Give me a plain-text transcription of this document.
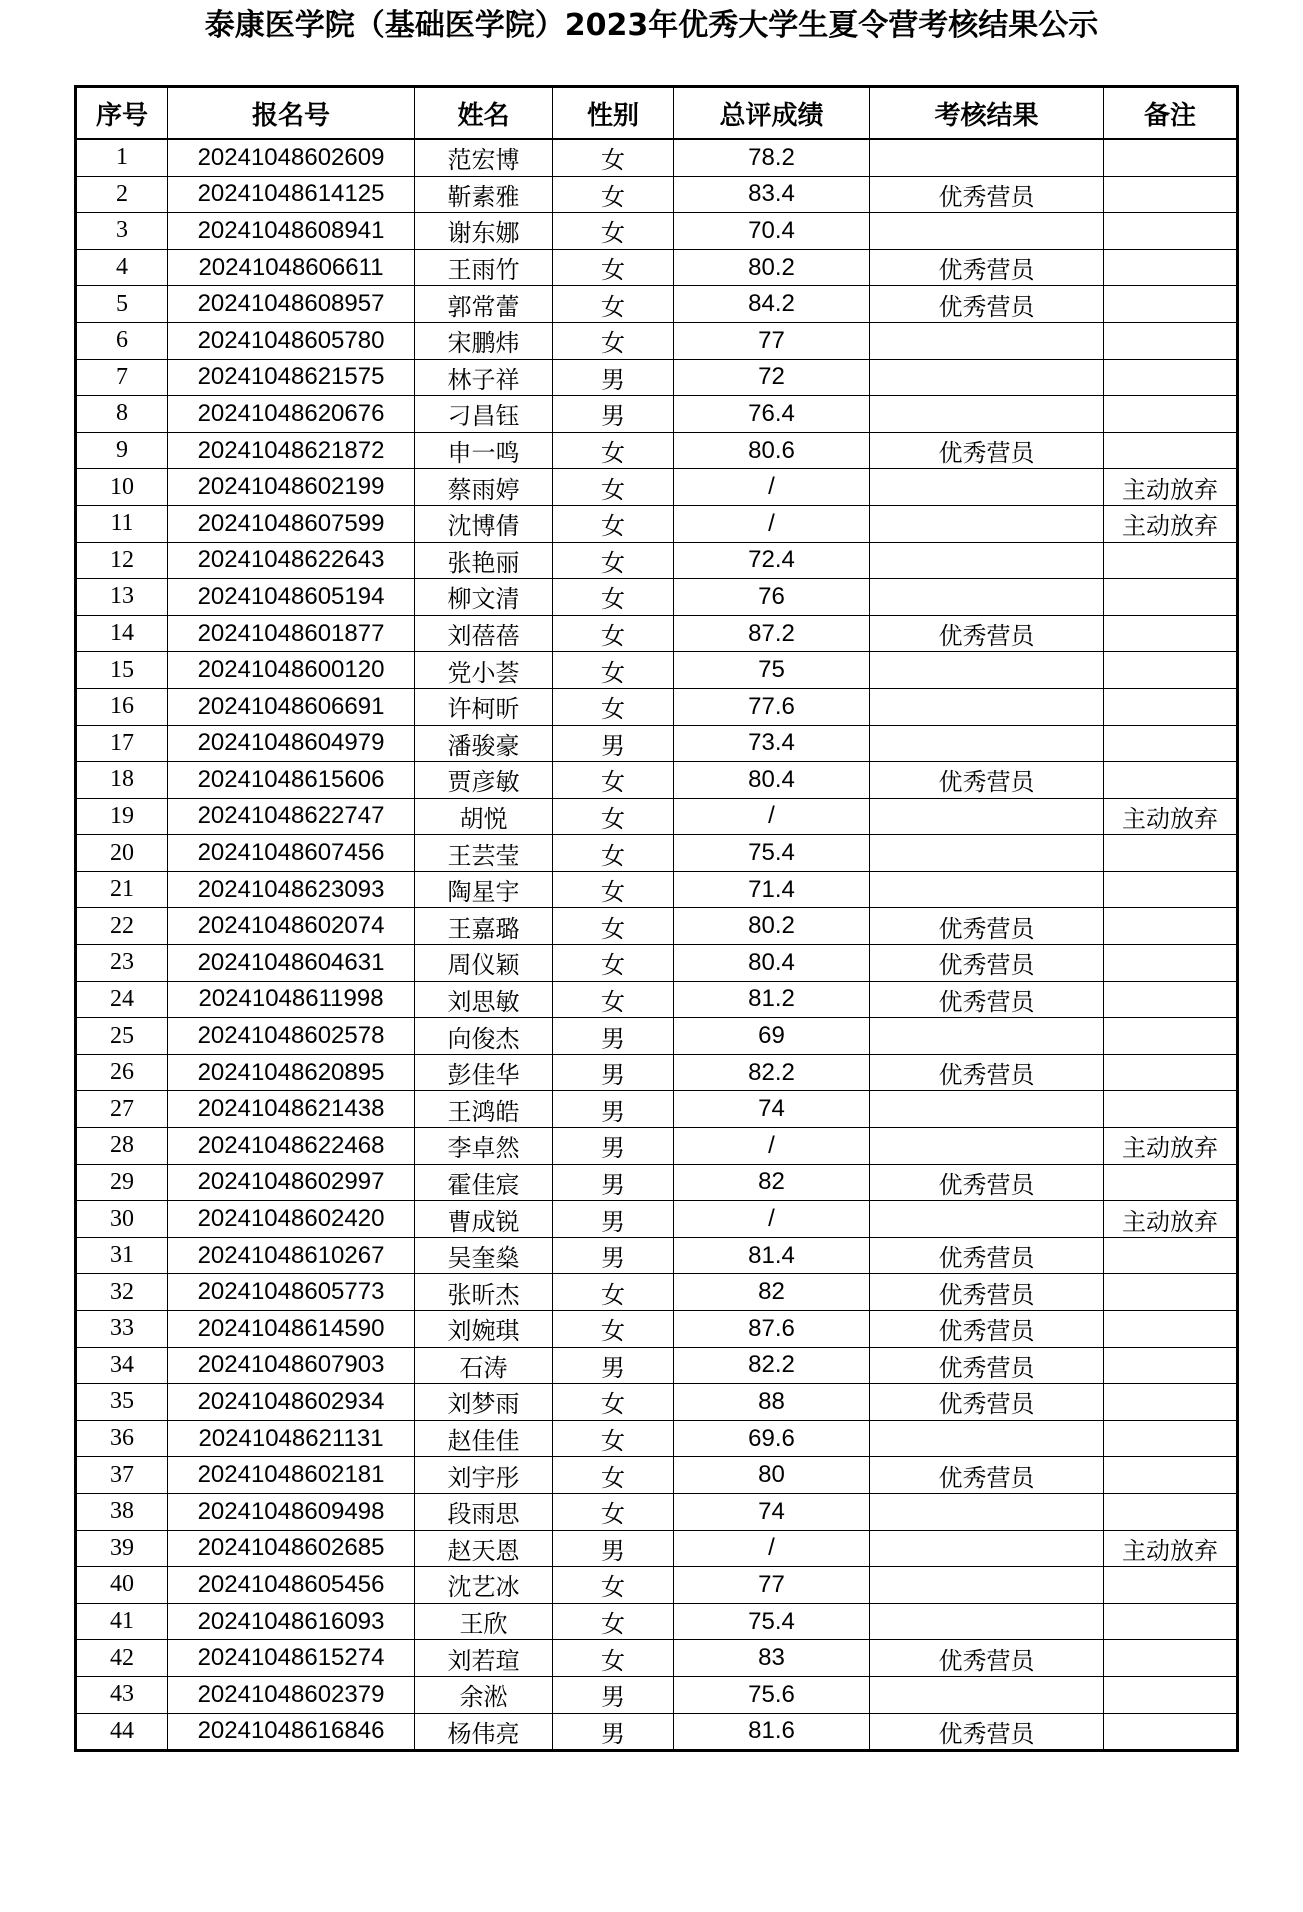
泰康医学院（基础医学院）2023年优秀大学生夏令营考核结果公示
序号	报名号	姓名	性别	总评成绩	考核结果	备注
1	20241048602609	范宏博	女	78.2		
2	20241048614125	靳素雅	女	83.4	优秀营员	
3	20241048608941	谢东娜	女	70.4		
4	20241048606611	王雨竹	女	80.2	优秀营员	
5	20241048608957	郭常蕾	女	84.2	优秀营员	
6	20241048605780	宋鹏炜	女	77		
7	20241048621575	林子祥	男	72		
8	20241048620676	刁昌钰	男	76.4		
9	20241048621872	申一鸣	女	80.6	优秀营员	
10	20241048602199	蔡雨婷	女	/		主动放弃
11	20241048607599	沈博倩	女	/		主动放弃
12	20241048622643	张艳丽	女	72.4		
13	20241048605194	柳文清	女	76		
14	20241048601877	刘蓓蓓	女	87.2	优秀营员	
15	20241048600120	党小荟	女	75		
16	20241048606691	许柯昕	女	77.6		
17	20241048604979	潘骏豪	男	73.4		
18	20241048615606	贾彦敏	女	80.4	优秀营员	
19	20241048622747	胡悦	女	/		主动放弃
20	20241048607456	王芸莹	女	75.4		
21	20241048623093	陶星宇	女	71.4		
22	20241048602074	王嘉璐	女	80.2	优秀营员	
23	20241048604631	周仪颖	女	80.4	优秀营员	
24	20241048611998	刘思敏	女	81.2	优秀营员	
25	20241048602578	向俊杰	男	69		
26	20241048620895	彭佳华	男	82.2	优秀营员	
27	20241048621438	王鸿皓	男	74		
28	20241048622468	李卓然	男	/		主动放弃
29	20241048602997	霍佳宸	男	82	优秀营员	
30	20241048602420	曹成锐	男	/		主动放弃
31	20241048610267	吴奎燊	男	81.4	优秀营员	
32	20241048605773	张昕杰	女	82	优秀营员	
33	20241048614590	刘婉琪	女	87.6	优秀营员	
34	20241048607903	石涛	男	82.2	优秀营员	
35	20241048602934	刘梦雨	女	88	优秀营员	
36	20241048621131	赵佳佳	女	69.6		
37	20241048602181	刘宇彤	女	80	优秀营员	
38	20241048609498	段雨思	女	74		
39	20241048602685	赵天恩	男	/		主动放弃
40	20241048605456	沈艺冰	女	77		
41	20241048616093	王欣	女	75.4		
42	20241048615274	刘若瑄	女	83	优秀营员	
43	20241048602379	余淞	男	75.6		
44	20241048616846	杨伟亮	男	81.6	优秀营员	
